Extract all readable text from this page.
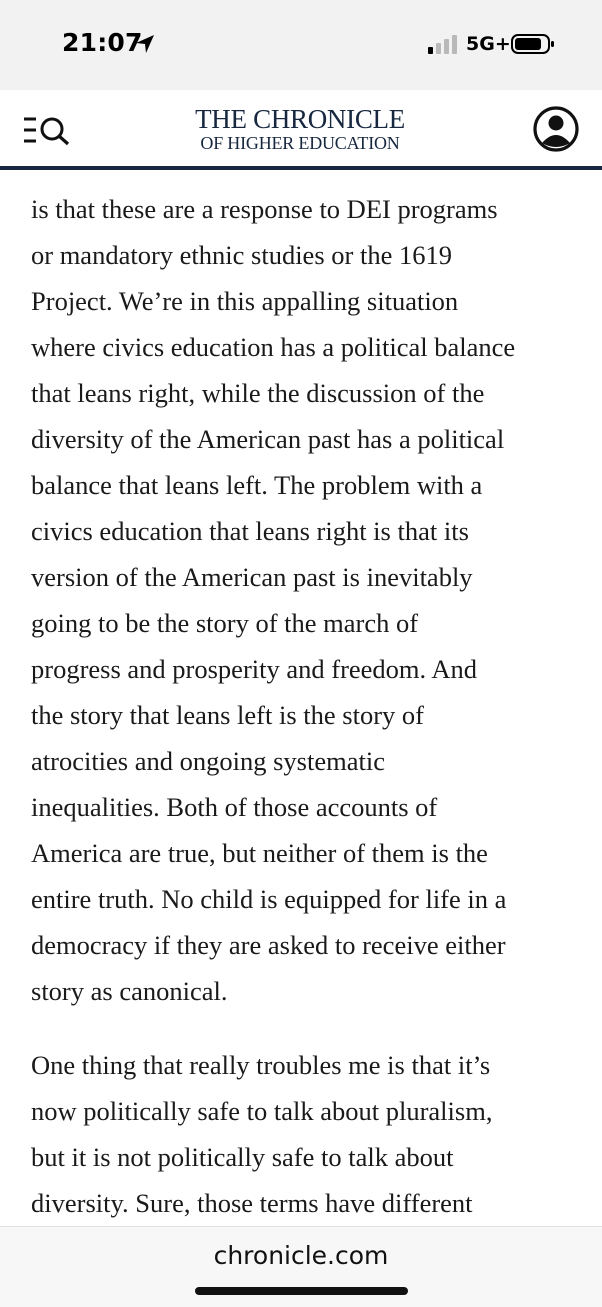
21:07	5G+
THE CHRONICLE
OF HIGHER EDUCATION

is that these are a response to DEI programs
or mandatory ethnic studies or the 1619
Project. We’re in this appalling situation
where civics education has a political balance
that leans right, while the discussion of the
diversity of the American past has a political
balance that leans left. The problem with a
civics education that leans right is that its
version of the American past is inevitably
going to be the story of the march of
progress and prosperity and freedom. And
the story that leans left is the story of
atrocities and ongoing systematic
inequalities. Both of those accounts of
America are true, but neither of them is the
entire truth. No child is equipped for life in a
democracy if they are asked to receive either
story as canonical.

One thing that really troubles me is that it’s
now politically safe to talk about pluralism,
but it is not politically safe to talk about
diversity. Sure, those terms have different

chronicle.com
